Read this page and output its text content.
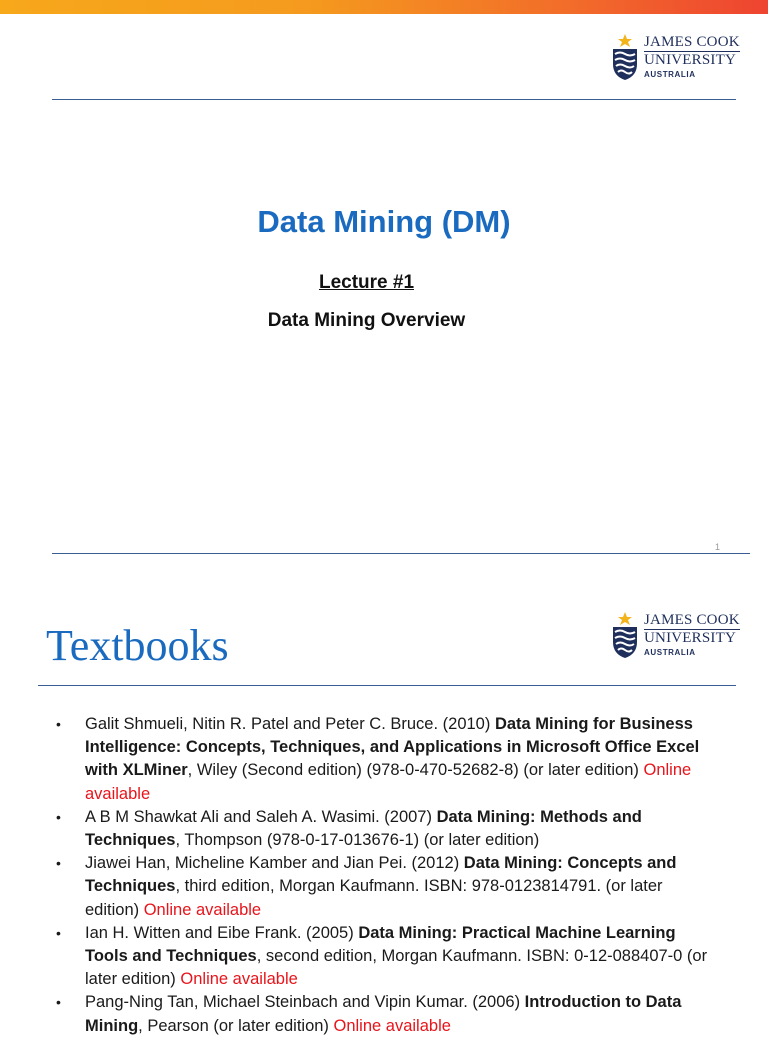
JAMES COOK
UNIVERSITY
AUSTRALIA
Data Mining (DM)
Lecture #1
Data Mining Overview
1
JAMES COOK
UNIVERSITY
AUSTRALIA
Textbooks
• Galit Shmueli, Nitin R. Patel and Peter C. Bruce. (2010) Data Mining for Business Intelligence: Concepts, Techniques, and Applications in Microsoft Office Excel with XLMiner, Wiley (Second edition) (978-0-470-52682-8) (or later edition) Online available
• A B M Shawkat Ali and Saleh A. Wasimi. (2007) Data Mining: Methods and Techniques, Thompson (978-0-17-013676-1) (or later edition)
• Jiawei Han, Micheline Kamber and Jian Pei. (2012) Data Mining: Concepts and Techniques, third edition, Morgan Kaufmann. ISBN: 978-0123814791. (or later edition) Online available
• Ian H. Witten and Eibe Frank. (2005) Data Mining: Practical Machine Learning Tools and Techniques, second edition, Morgan Kaufmann. ISBN: 0-12-088407-0 (or later edition) Online available
• Pang-Ning Tan, Michael Steinbach and Vipin Kumar. (2006) Introduction to Data Mining, Pearson (or later edition) Online available
